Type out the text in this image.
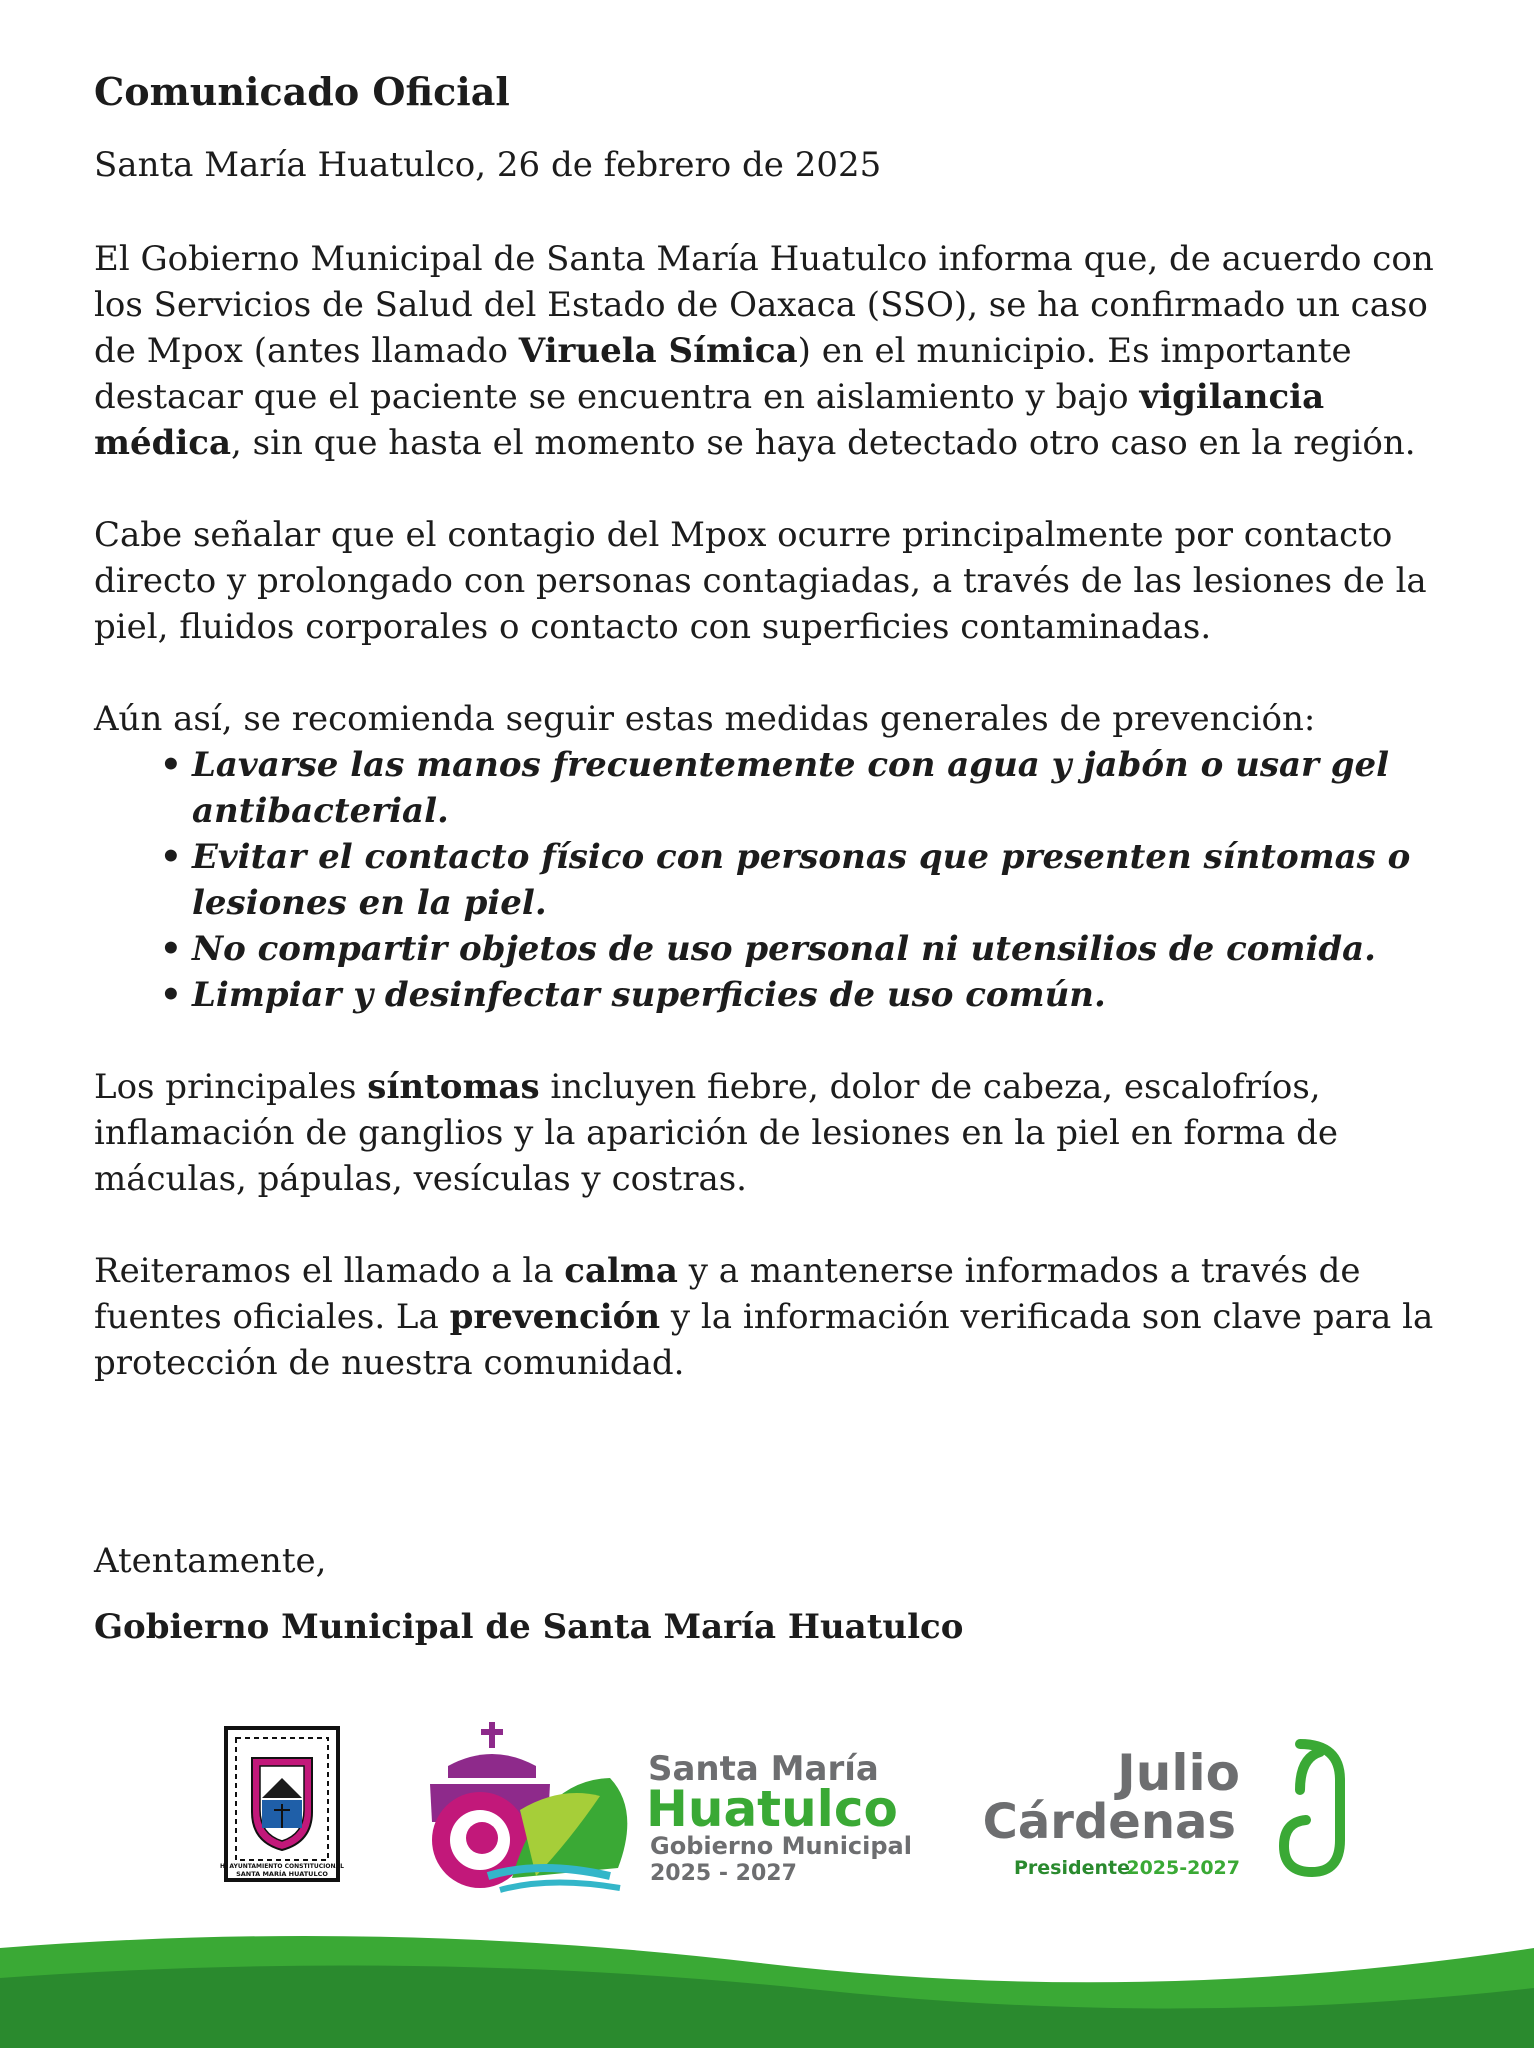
Comunicado Oficial

Santa María Huatulco, 26 de febrero de 2025

El Gobierno Municipal de Santa María Huatulco informa que, de acuerdo con los Servicios de Salud del Estado de Oaxaca (SSO), se ha confirmado un caso de Mpox (antes llamado Viruela Símica) en el municipio. Es importante destacar que el paciente se encuentra en aislamiento y bajo vigilancia médica, sin que hasta el momento se haya detectado otro caso en la región.

Cabe señalar que el contagio del Mpox ocurre principalmente por contacto directo y prolongado con personas contagiadas, a través de las lesiones de la piel, fluidos corporales o contacto con superficies contaminadas.

Aún así, se recomienda seguir estas medidas generales de prevención:

• Lavarse las manos frecuentemente con agua y jabón o usar gel antibacterial.
• Evitar el contacto físico con personas que presenten síntomas o lesiones en la piel.
• No compartir objetos de uso personal ni utensilios de comida.
• Limpiar y desinfectar superficies de uso común.

Los principales síntomas incluyen fiebre, dolor de cabeza, escalofríos, inflamación de ganglios y la aparición de lesiones en la piel en forma de máculas, pápulas, vesículas y costras.

Reiteramos el llamado a la calma y a mantenerse informados a través de fuentes oficiales. La prevención y la información verificada son clave para la protección de nuestra comunidad.

Atentamente,

Gobierno Municipal de Santa María Huatulco

H. AYUNTAMIENTO CONSTITUCIONAL
SANTA MARÍA HUATULCO
Santa María
Huatulco
Gobierno Municipal
2025 - 2027
Julio
Cárdenas
Presidente
2025-2027
